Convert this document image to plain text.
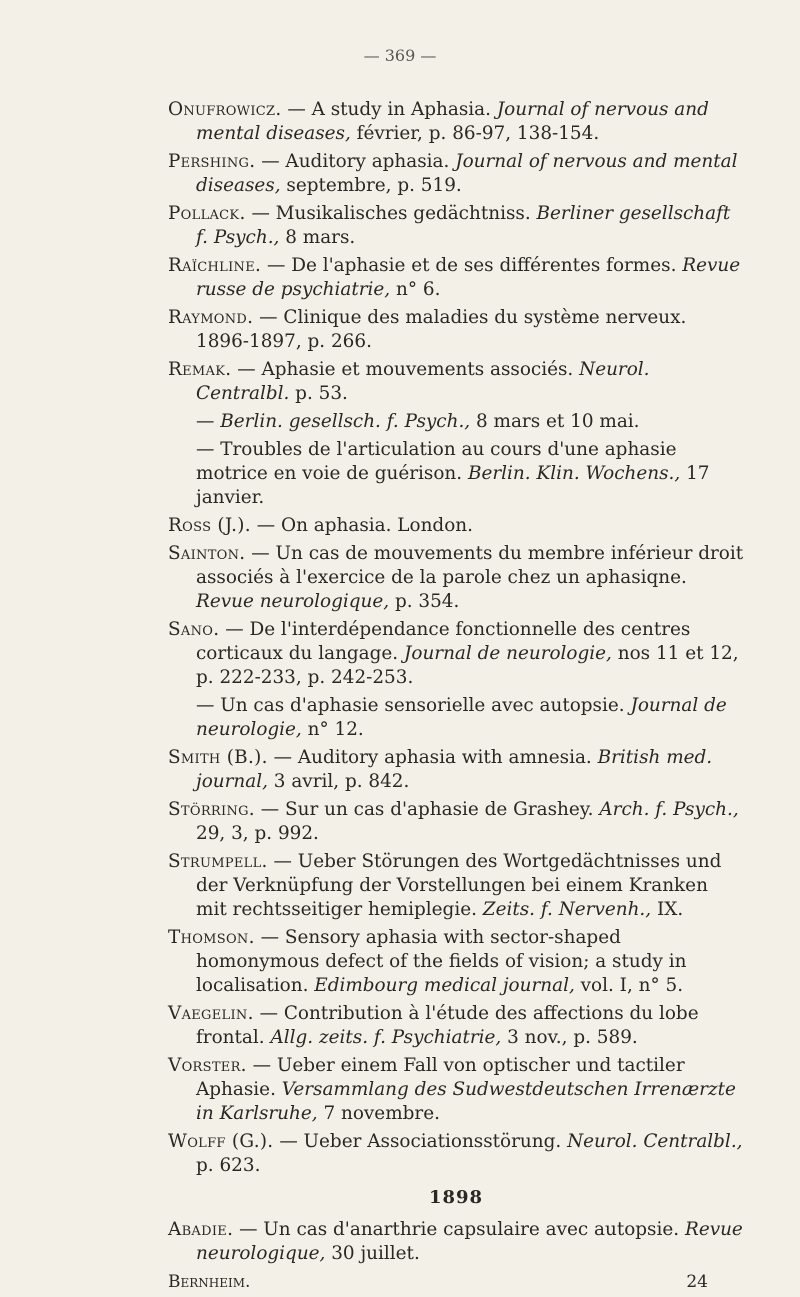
— 369 —
Onufrowicz. — A study in Aphasia. Journal of nervous and mental diseases, février, p. 86-97, 138-154.
Pershing. — Auditory aphasia. Journal of nervous and mental diseases, septembre, p. 519.
Pollack. — Musikalisches gedächtniss. Berliner gesellschaft f. Psych., 8 mars.
Raïchline. — De l'aphasie et de ses différentes formes. Revue russe de psychiatrie, n° 6.
Raymond. — Clinique des maladies du système nerveux. 1896-1897, p. 266.
Remak. — Aphasie et mouvements associés. Neurol. Centralbl. p. 53.
— Berlin. gesellsch. f. Psych., 8 mars et 10 mai.
— Troubles de l'articulation au cours d'une aphasie motrice en voie de guérison. Berlin. Klin. Wochens., 17 janvier.
Ross (J.). — On aphasia. London.
Sainton. — Un cas de mouvements du membre inférieur droit associés à l'exercice de la parole chez un aphasiqne. Revue neurologique, p. 354.
Sano. — De l'interdépendance fonctionnelle des centres corticaux du langage. Journal de neurologie, nos 11 et 12, p. 222-233, p. 242-253.
— Un cas d'aphasie sensorielle avec autopsie. Journal de neurologie, n° 12.
Smith (B.). — Auditory aphasia with amnesia. British med. journal, 3 avril, p. 842.
Störring. — Sur un cas d'aphasie de Grashey. Arch. f. Psych., 29, 3, p. 992.
Strumpell. — Ueber Störungen des Wortgedächtnisses und der Verknüpfung der Vorstellungen bei einem Kranken mit rechtsseitiger hemiplegie. Zeits. f. Nervenh., IX.
Thomson. — Sensory aphasia with sector-shaped homonymous defect of the fields of vision; a study in localisation. Edimbourg medical journal, vol. I, n° 5.
Vaegelin. — Contribution à l'étude des affections du lobe frontal. Allg. zeits. f. Psychiatrie, 3 nov., p. 589.
Vorster. — Ueber einem Fall von optischer und tactiler Aphasie. Versammlang des Sudwestdeutschen Irrenærzte in Karlsruhe, 7 novembre.
Wolff (G.). — Ueber Associationsstörung. Neurol. Centralbl., p. 623.
1898
Abadie. — Un cas d'anarthrie capsulaire avec autopsie. Revue neurologique, 30 juillet.
Bernheim.	24
